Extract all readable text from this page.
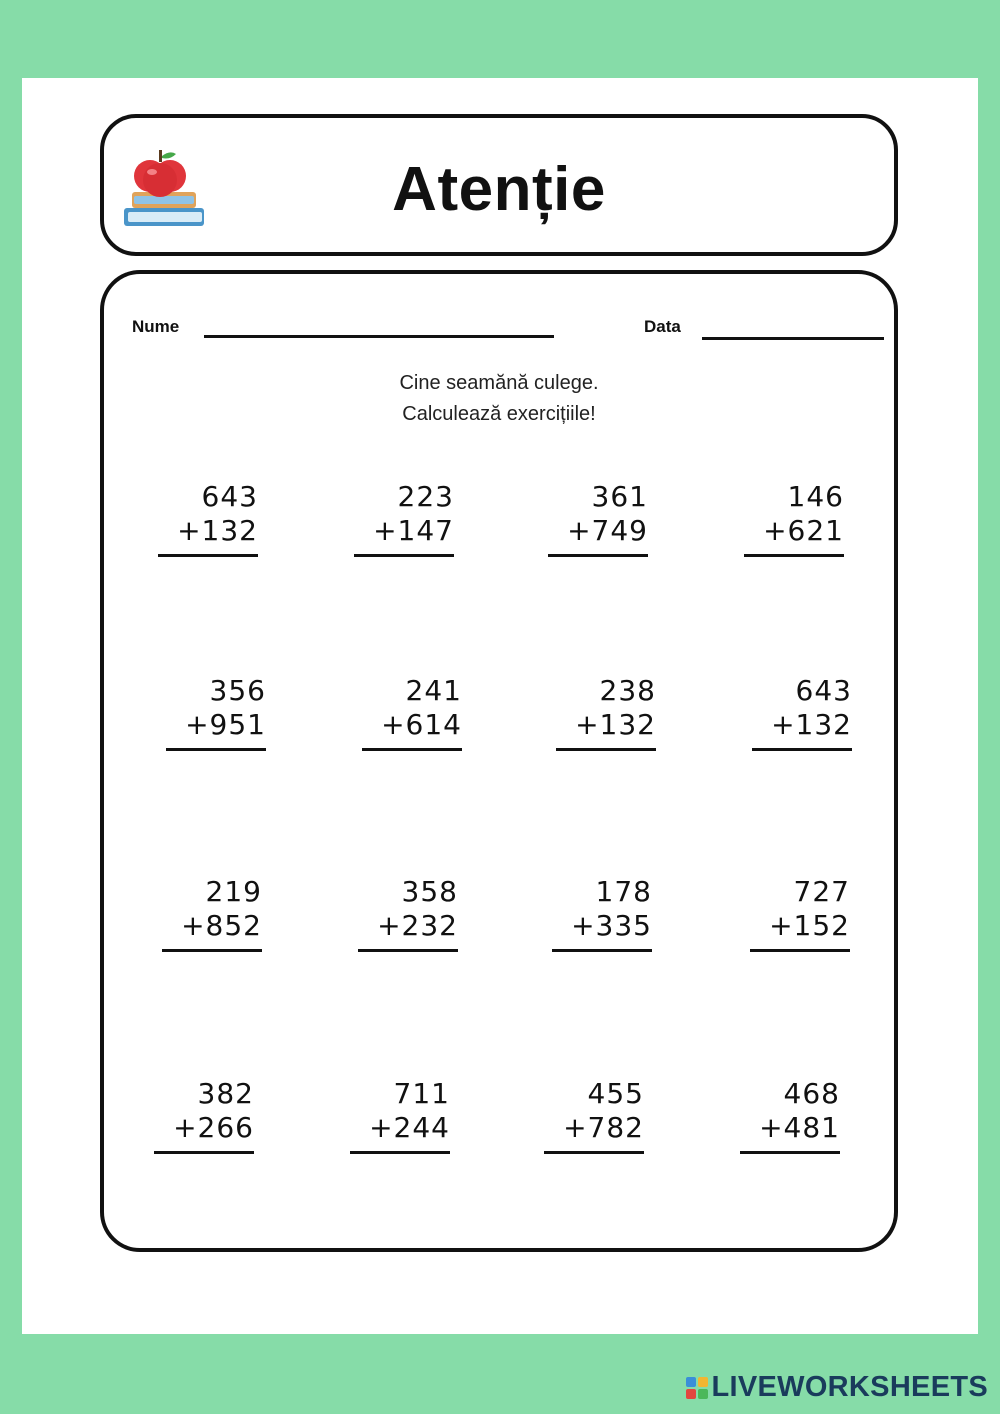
Atenție
Nume	Data
Cine seamănă culege.
Calculează exercițiile!
643
+132
223
+147
361
+749
146
+621
356
+951
241
+614
238
+132
643
+132
219
+852
358
+232
178
+335
727
+152
382
+266
711
+244
455
+782
468
+481
LIVEWORKSHEETS
